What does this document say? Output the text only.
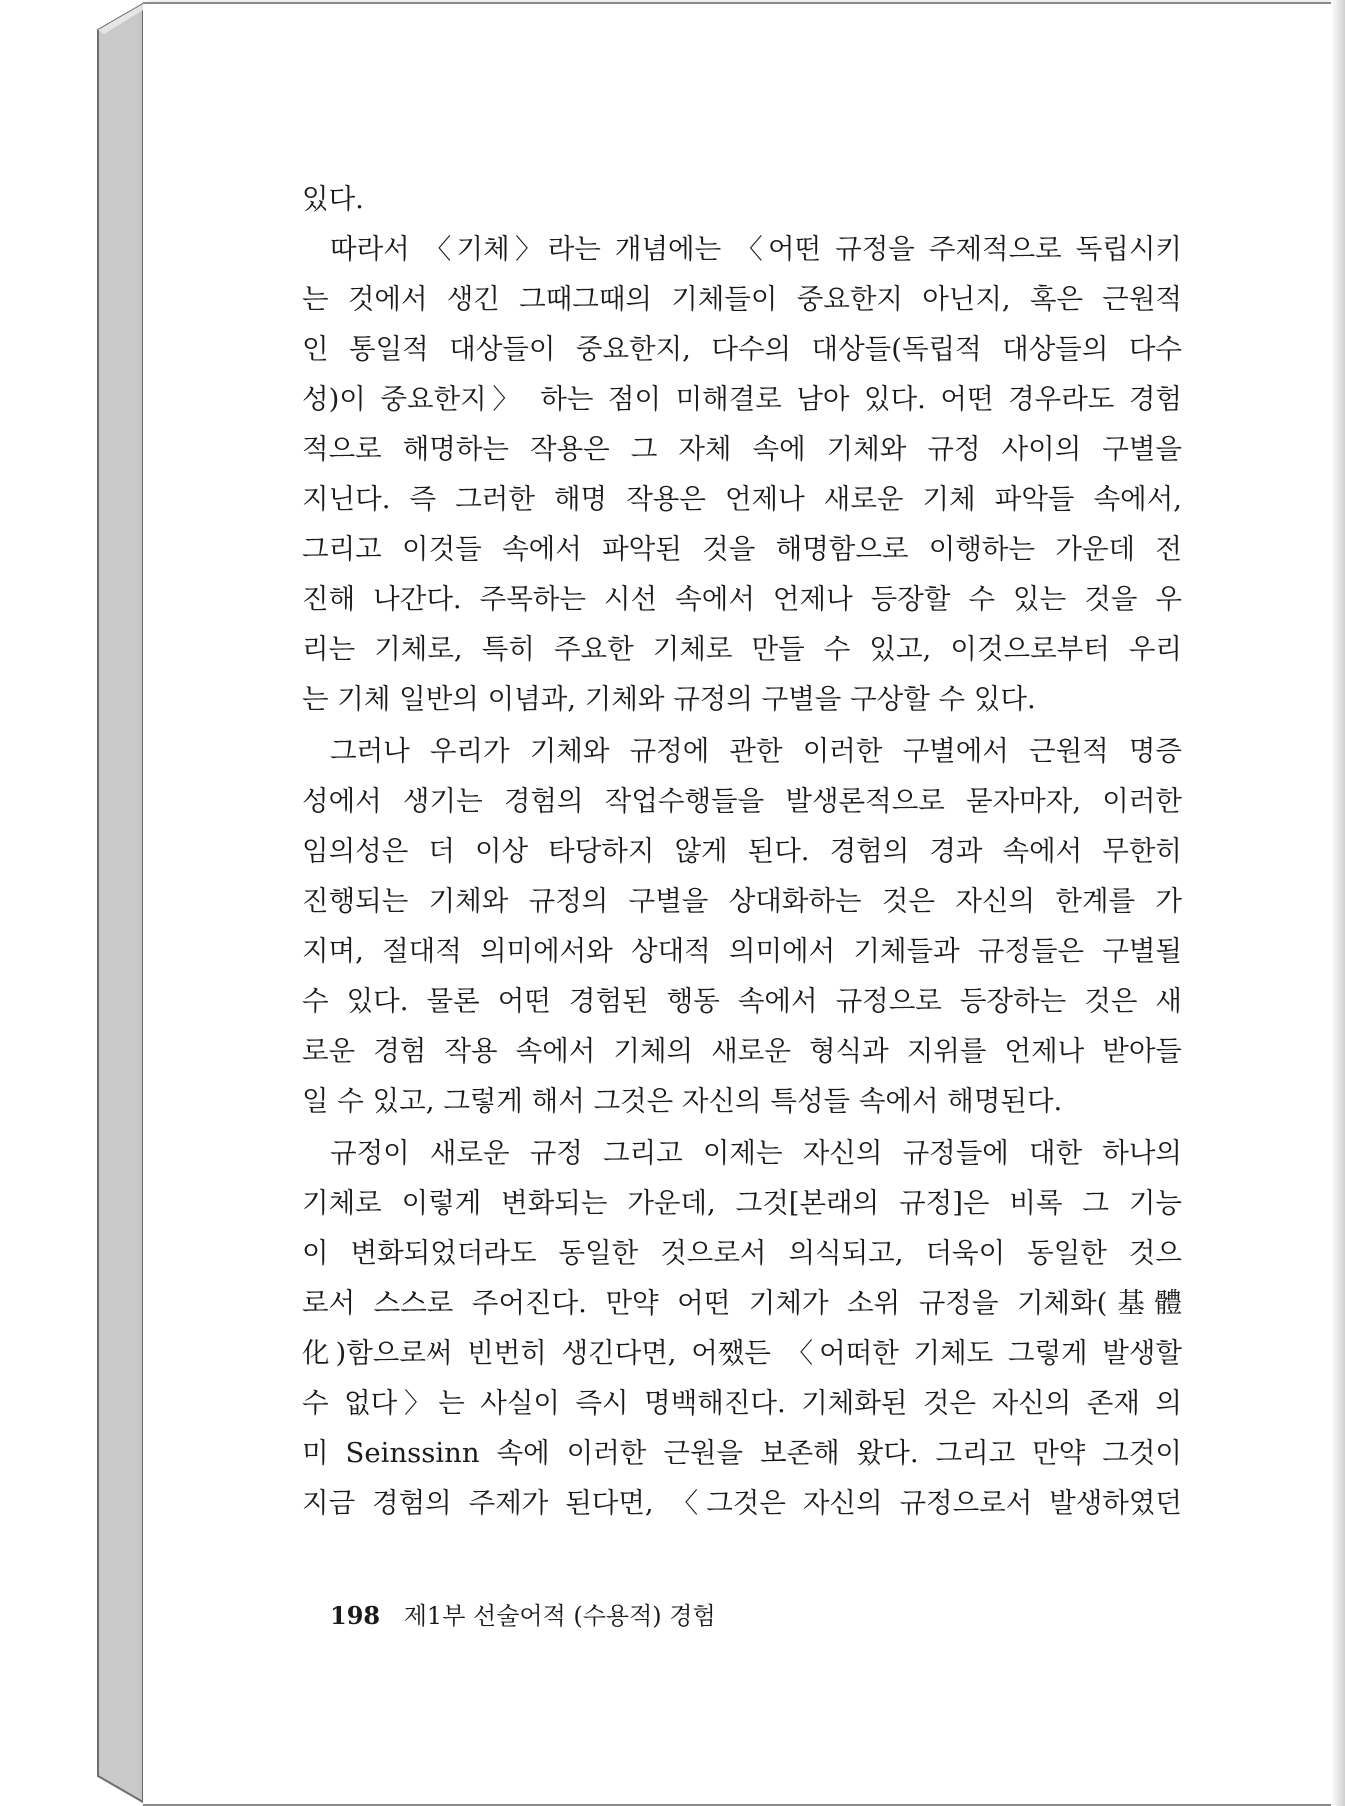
있다.
따라서 〈기체〉라는 개념에는 〈어떤 규정을 주제적으로 독립시키
는 것에서 생긴 그때그때의 기체들이 중요한지 아닌지, 혹은 근원적
인 통일적 대상들이 중요한지, 다수의 대상들(독립적 대상들의 다수
성)이 중요한지〉 하는 점이 미해결로 남아 있다. 어떤 경우라도 경험
적으로 해명하는 작용은 그 자체 속에 기체와 규정 사이의 구별을
지닌다. 즉 그러한 해명 작용은 언제나 새로운 기체 파악들 속에서,
그리고 이것들 속에서 파악된 것을 해명함으로 이행하는 가운데 전
진해 나간다. 주목하는 시선 속에서 언제나 등장할 수 있는 것을 우
리는 기체로, 특히 주요한 기체로 만들 수 있고, 이것으로부터 우리
는 기체 일반의 이념과, 기체와 규정의 구별을 구상할 수 있다.
그러나 우리가 기체와 규정에 관한 이러한 구별에서 근원적 명증
성에서 생기는 경험의 작업수행들을 발생론적으로 묻자마자, 이러한
임의성은 더 이상 타당하지 않게 된다. 경험의 경과 속에서 무한히
진행되는 기체와 규정의 구별을 상대화하는 것은 자신의 한계를 가
지며, 절대적 의미에서와 상대적 의미에서 기체들과 규정들은 구별될
수 있다. 물론 어떤 경험된 행동 속에서 규정으로 등장하는 것은 새
로운 경험 작용 속에서 기체의 새로운 형식과 지위를 언제나 받아들
일 수 있고, 그렇게 해서 그것은 자신의 특성들 속에서 해명된다.
규정이 새로운 규정 그리고 이제는 자신의 규정들에 대한 하나의
기체로 이렇게 변화되는 가운데, 그것[본래의 규정]은 비록 그 기능
이 변화되었더라도 동일한 것으로서 의식되고, 더욱이 동일한 것으
로서 스스로 주어진다. 만약 어떤 기체가 소위 규정을 기체화(基體
化)함으로써 빈번히 생긴다면, 어쨌든 〈어떠한 기체도 그렇게 발생할
수 없다〉는 사실이 즉시 명백해진다. 기체화된 것은 자신의 존재 의
미 Seinssinn 속에 이러한 근원을 보존해 왔다. 그리고 만약 그것이
지금 경험의 주제가 된다면, 〈그것은 자신의 규정으로서 발생하였던
198 제1부 선술어적 (수용적) 경험
